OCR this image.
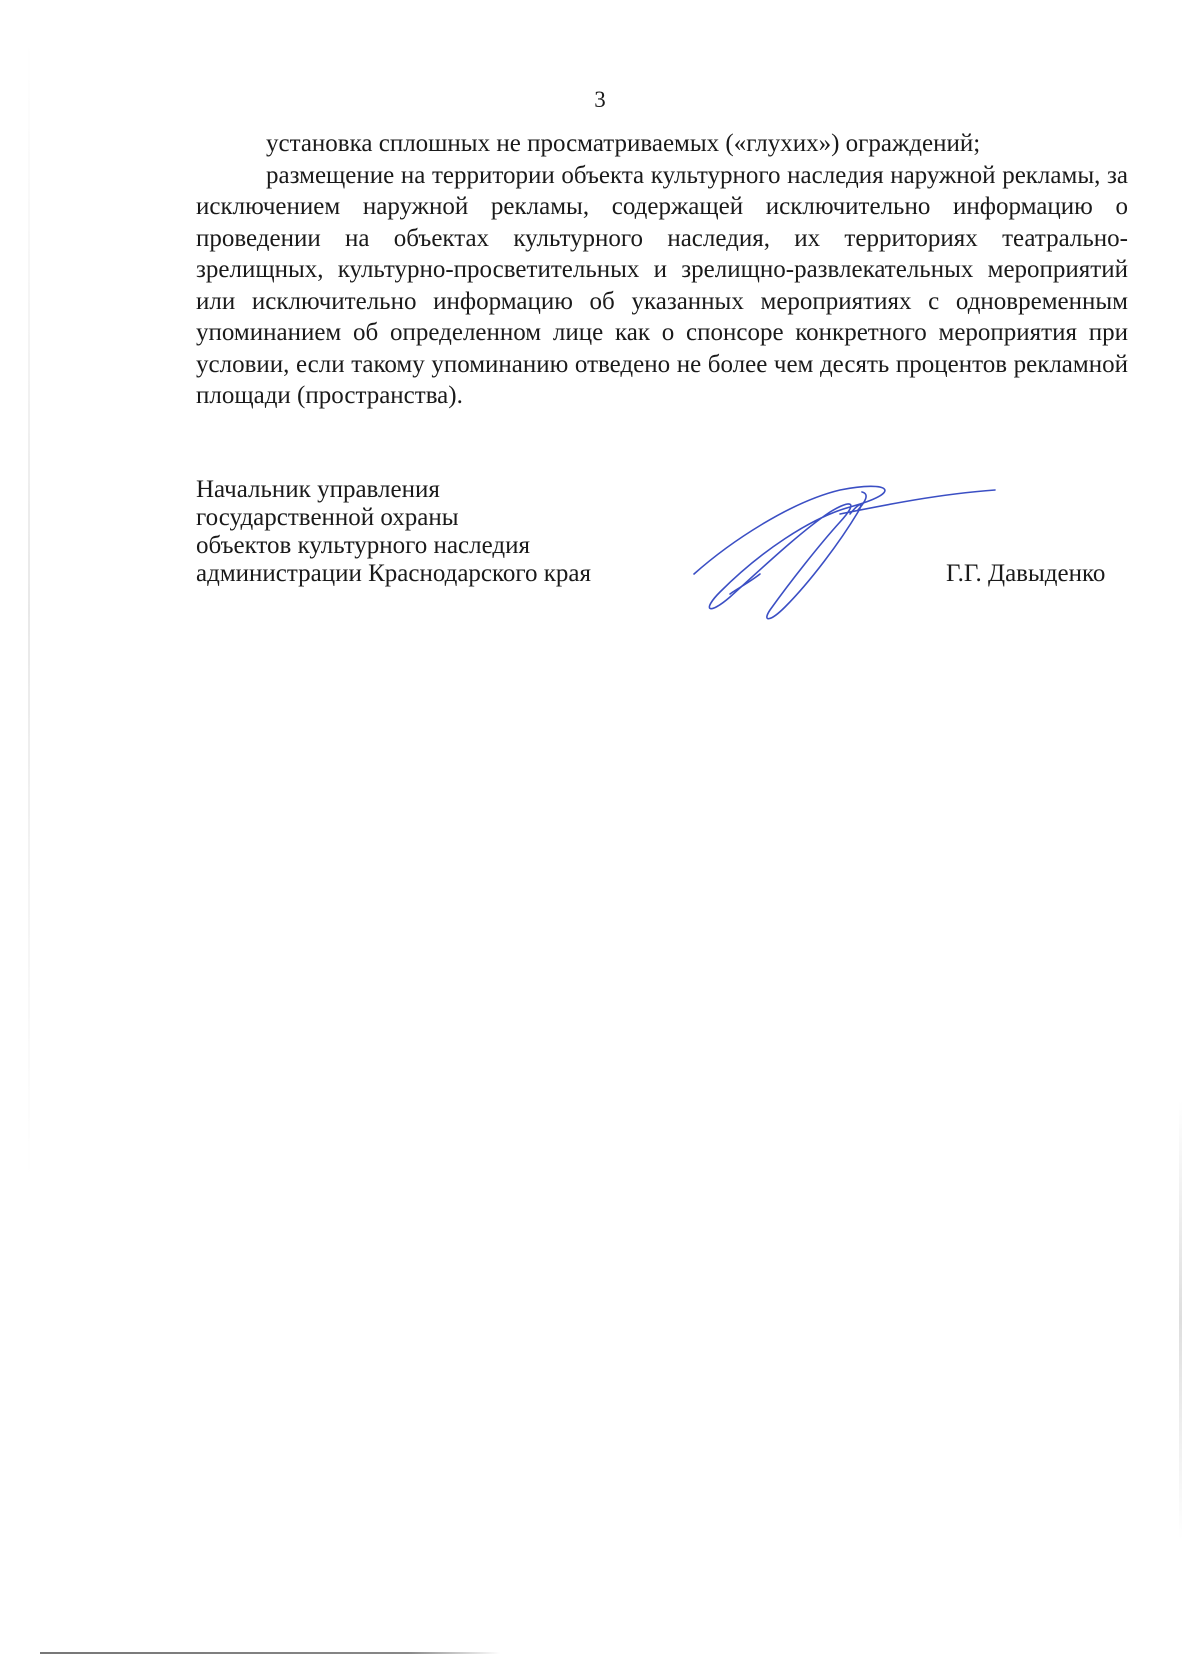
3

установка сплошных не просматриваемых («глухих») ограждений;

размещение на территории объекта культурного наследия наружной рекламы, за исключением наружной рекламы, содержащей исключительно информацию о проведении на объектах культурного наследия, их территориях театрально-зрелищных, культурно-просветительных и зрелищно-развлекательных мероприятий или исключительно информацию об указанных мероприятиях с одновременным упоминанием об определенном лице как о спонсоре конкретного мероприятия при условии, если такому упоминанию отведено не более чем десять процентов рекламной площади (пространства).

Начальник управления
государственной охраны
объектов культурного наследия
администрации Краснодарского края	Г.Г. Давыденко
